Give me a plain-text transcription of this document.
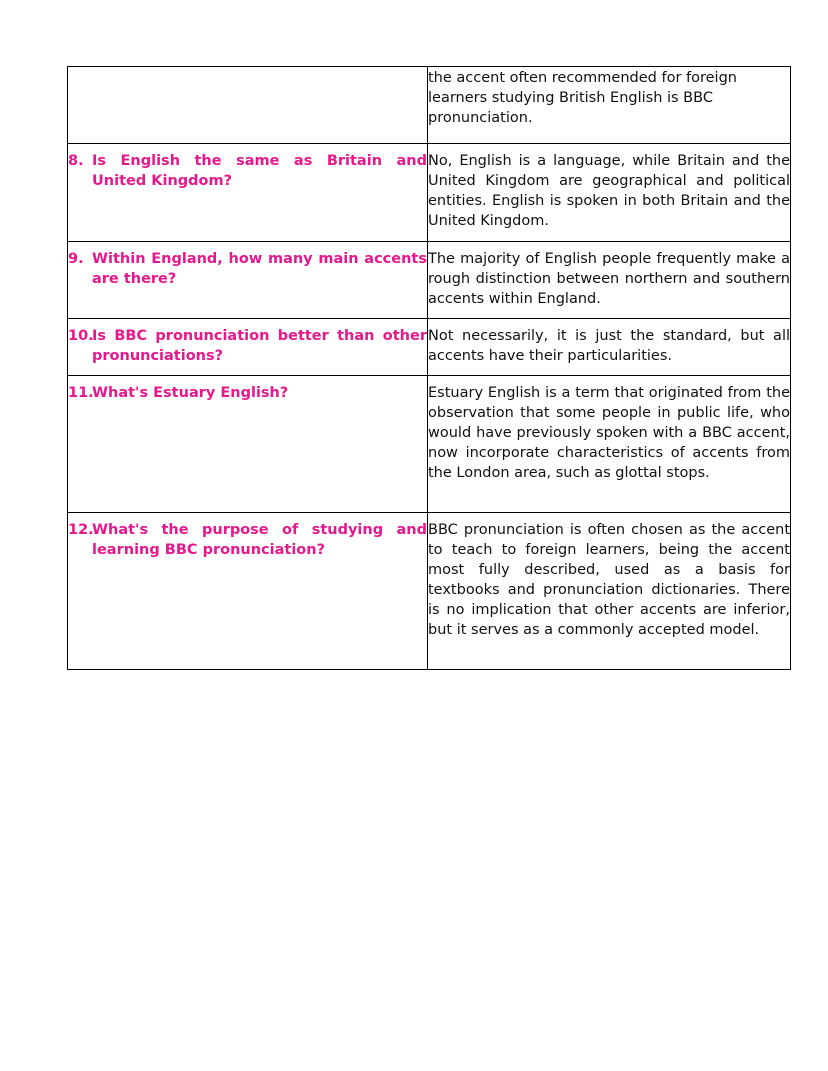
	the accent often recommended for foreign learners studying British English is BBC pronunciation.

8. Is English the same as Britain and United Kingdom?	No, English is a language, while Britain and the United Kingdom are geographical and political entities. English is spoken in both Britain and the United Kingdom.

9. Within England, how many main accents are there?	The majority of English people frequently make a rough distinction between northern and southern accents within England.

10.
Is BBC pronunciation better than other pronunciations?	Not necessarily, it is just the standard, but all accents have their particularities.

11.
What's Estuary English?	Estuary English is a term that originated from the observation that some people in public life, who would have previously spoken with a BBC accent, now incorporate characteristics of accents from the London area, such as glottal stops.

12.
What's the purpose of studying and learning BBC pronunciation?	BBC pronunciation is often chosen as the accent to teach to foreign learners, being the accent most fully described, used as a basis for textbooks and pronunciation dictionaries. There is no implication that other accents are inferior, but it serves as a commonly accepted model.
